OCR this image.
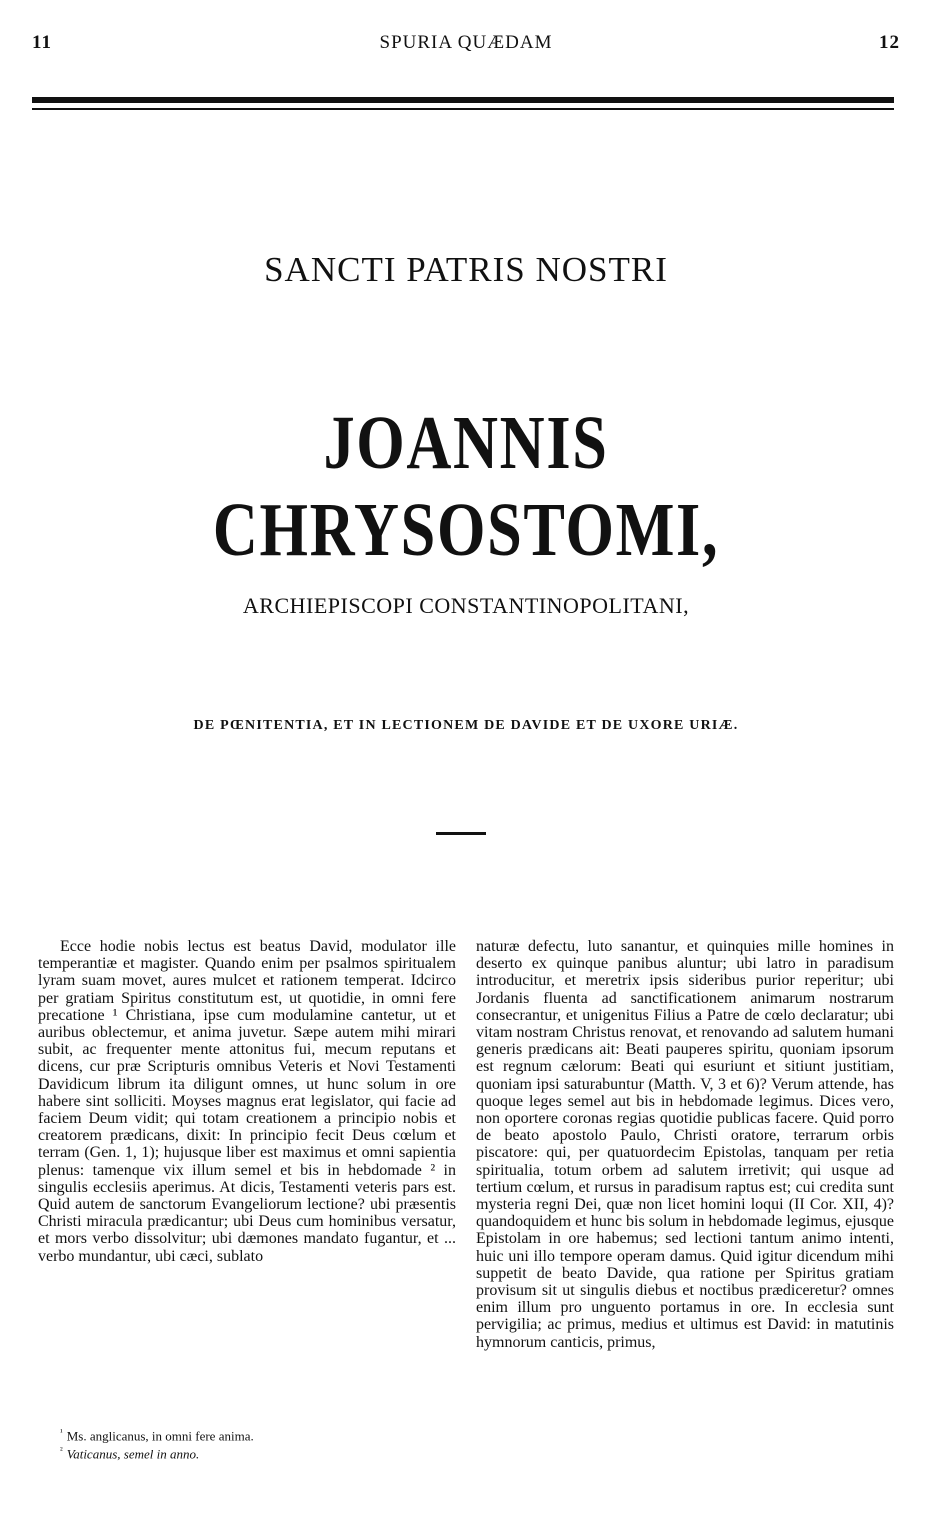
11	SPURIA QUÆDAM	12
SANCTI PATRIS NOSTRI
JOANNIS CHRYSOSTOMI,
ARCHIEPISCOPI CONSTANTINOPOLITANI,
DE PŒNITENTIA, ET IN LECTIONEM DE DAVIDE ET DE UXORE URIÆ.

Ecce hodie nobis lectus est beatus David, modulator ille temperantiæ et magister. Quando enim per psalmos spiritualem lyram suam movet, aures mulcet et rationem temperat. Idcirco per gratiam Spiritus constitutum est, ut quotidie, in omni fere precatione ¹ Christiana, ipse cum modulamine cantetur, ut et auribus oblectemur, et anima juvetur. Sæpe autem mihi mirari subit, ac frequenter mente attonitus fui, mecum reputans et dicens, cur præ Scripturis omnibus Veteris et Novi Testamenti Davidicum librum ita diligunt omnes, ut hunc solum in ore habere sint solliciti. Moyses magnus erat legislator, qui facie ad faciem Deum vidit; qui totam creationem a principio nobis et creatorem prædicans, dixit: In principio fecit Deus cœlum et terram (Gen. 1, 1); hujusque liber est maximus et omni sapientia plenus: tamenque vix illum semel et bis in hebdomade ² in singulis ecclesiis aperimus. At dicis, Testamenti veteris pars est. Quid autem de sanctorum Evangeliorum lectione? ubi præsentis Christi miracula prædicantur; ubi Deus cum hominibus versatur, et mors verbo dissolvitur; ubi dæmones mandato fugantur, et ... verbo mundantur, ubi cæci, sublato

naturæ defectu, luto sanantur, et quinquies mille homines in deserto ex quinque panibus aluntur; ubi latro in paradisum introducitur, et meretrix ipsis sideribus purior reperitur; ubi Jordanis fluenta ad sanctificationem animarum nostrarum consecrantur, et unigenitus Filius a Patre de cœlo declaratur; ubi vitam nostram Christus renovat, et renovando ad salutem humani generis prædicans ait: Beati pauperes spiritu, quoniam ipsorum est regnum cælorum: Beati qui esuriunt et sitiunt justitiam, quoniam ipsi saturabuntur (Matth. V, 3 et 6)? Verum attende, has quoque leges semel aut bis in hebdomade legimus. Dices vero, non oportere coronas regias quotidie publicas facere. Quid porro de beato apostolo Paulo, Christi oratore, terrarum orbis piscatore: qui, per quatuordecim Epistolas, tanquam per retia spiritualia, totum orbem ad salutem irretivit; qui usque ad tertium cœlum, et rursus in paradisum raptus est; cui credita sunt mysteria regni Dei, quæ non licet homini loqui (II Cor. XII, 4)? quandoquidem et hunc bis solum in hebdomade legimus, ejusque Epistolam in ore habemus; sed lectioni tantum animo intenti, huic uni illo tempore operam damus. Quid igitur dicendum mihi suppetit de beato Davide, qua ratione per Spiritus gratiam provisum sit ut singulis diebus et noctibus prædiceretur? omnes enim illum pro unguento portamus in ore. In ecclesia sunt pervigilia; ac primus, medius et ultimus est David: in matutinis hymnorum canticis, primus,

$^{^1}$ Ms. anglicanus, in omni fere anima.
$^{^2}$ Vaticanus, semel in anno.
